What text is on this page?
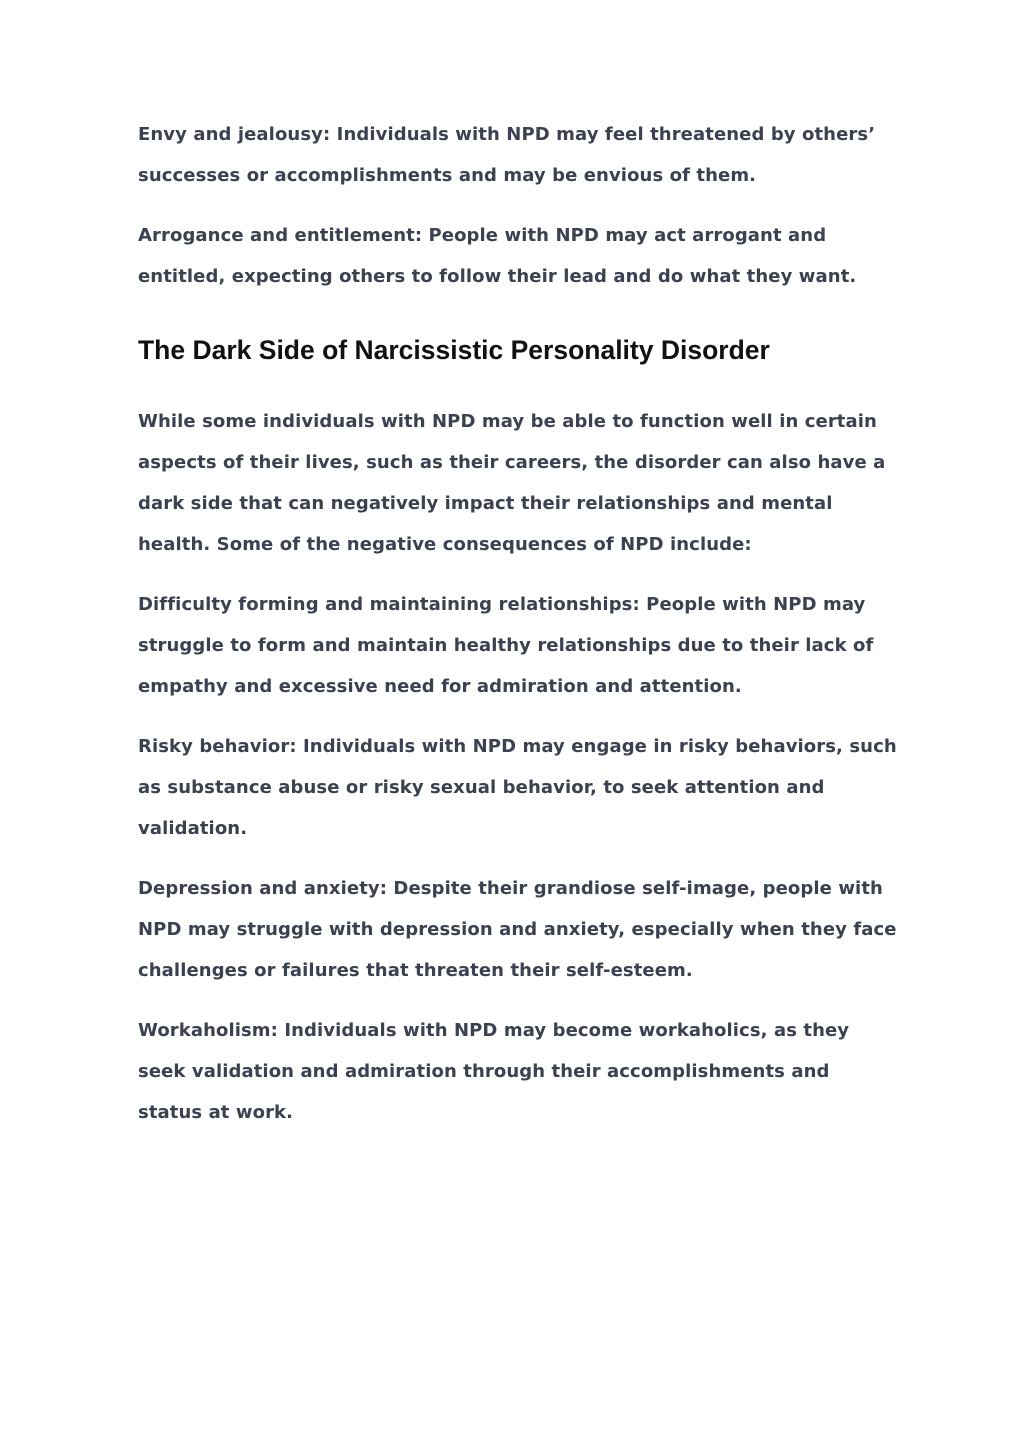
Envy and jealousy: Individuals with NPD may feel threatened by others’ successes or accomplishments and may be envious of them.

Arrogance and entitlement: People with NPD may act arrogant and entitled, expecting others to follow their lead and do what they want.

The Dark Side of Narcissistic Personality Disorder

While some individuals with NPD may be able to function well in certain aspects of their lives, such as their careers, the disorder can also have a dark side that can negatively impact their relationships and mental health. Some of the negative consequences of NPD include:

Difficulty forming and maintaining relationships: People with NPD may struggle to form and maintain healthy relationships due to their lack of empathy and excessive need for admiration and attention.

Risky behavior: Individuals with NPD may engage in risky behaviors, such as substance abuse or risky sexual behavior, to seek attention and validation.

Depression and anxiety: Despite their grandiose self-image, people with NPD may struggle with depression and anxiety, especially when they face challenges or failures that threaten their self-esteem.

Workaholism: Individuals with NPD may become workaholics, as they seek validation and admiration through their accomplishments and status at work.
